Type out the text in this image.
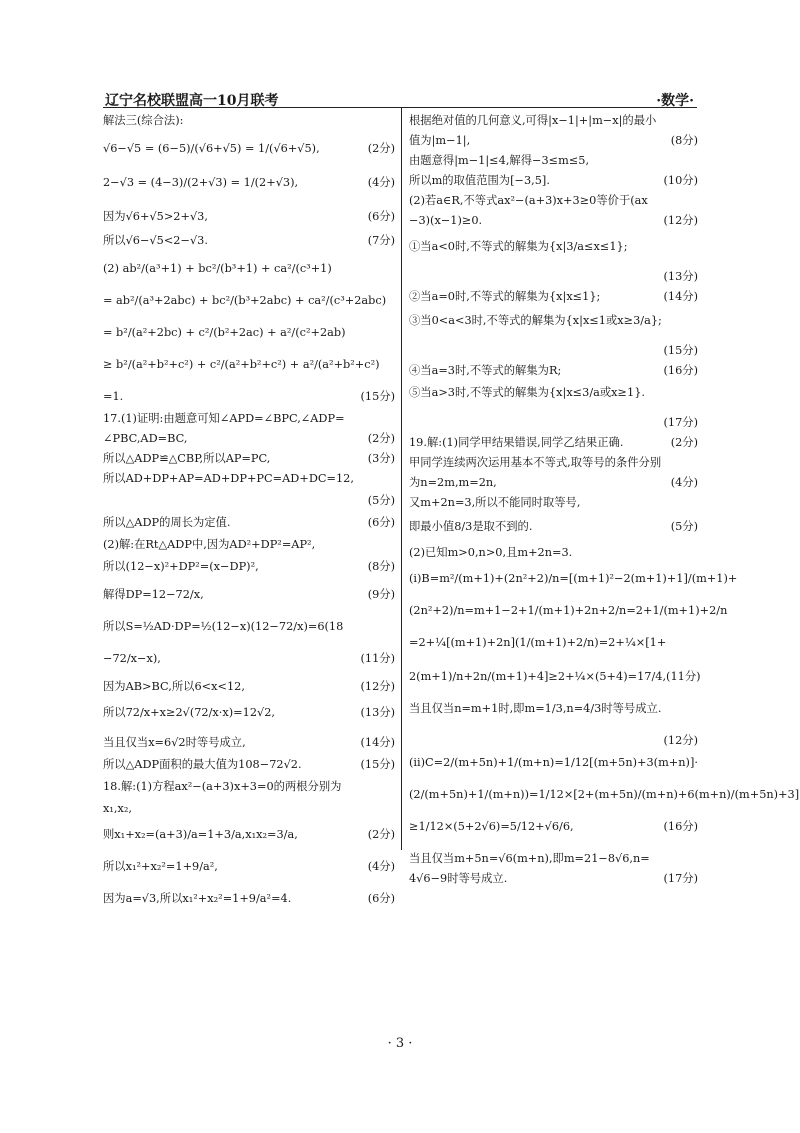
辽宁名校联盟高一10月联考	·数学·
解法三(综合法):
√6−√5 = (6−5)/(√6+√5) = 1/(√6+√5),	(2分)
2−√3 = (4−3)/(2+√3) = 1/(2+√3),	(4分)
因为√6+√5>2+√3,	(6分)
所以√6−√5<2−√3.	(7分)
(2) ab²/(a³+1) + bc²/(b³+1) + ca²/(c³+1)
= ab²/(a³+2abc) + bc²/(b³+2abc) + ca²/(c³+2abc)
= b²/(a²+2bc) + c²/(b²+2ac) + a²/(c²+2ab)
≥ b²/(a²+b²+c²) + c²/(a²+b²+c²) + a²/(a²+b²+c²)
=1.	(15分)
17.(1)证明:由题意可知∠APD=∠BPC,∠ADP=
∠PBC,AD=BC,	(2分)
所以△ADP≌△CBP,所以AP=PC,	(3分)
所以AD+DP+AP=AD+DP+PC=AD+DC=12,
(5分)
所以△ADP的周长为定值.	(6分)
(2)解:在Rt△ADP中,因为AD²+DP²=AP²,
所以(12−x)²+DP²=(x−DP)²,	(8分)
解得DP=12−72/x,	(9分)
所以S=½AD·DP=½(12−x)(12−72/x)=6(18
−72/x−x),	(11分)
因为AB>BC,所以6<x<12,	(12分)
所以72/x+x≥2√(72/x·x)=12√2,	(13分)
当且仅当x=6√2时等号成立,	(14分)
所以△ADP面积的最大值为108−72√2.	(15分)
18.解:(1)方程ax²−(a+3)x+3=0的两根分别为
x₁,x₂,
则x₁+x₂=(a+3)/a=1+3/a,x₁x₂=3/a,	(2分)
所以x₁²+x₂²=1+9/a²,	(4分)
因为a=√3,所以x₁²+x₂²=1+9/a²=4.	(6分)
根据绝对值的几何意义,可得|x−1|+|m−x|的最小
值为|m−1|,	(8分)
由题意得|m−1|≤4,解得−3≤m≤5,
所以m的取值范围为[−3,5].	(10分)
(2)若a∈R,不等式ax²−(a+3)x+3≥0等价于(ax
−3)(x−1)≥0.	(12分)
①当a<0时,不等式的解集为{x|3/a≤x≤1};
(13分)
②当a=0时,不等式的解集为{x|x≤1};	(14分)
③当0<a<3时,不等式的解集为{x|x≤1或x≥3/a};
(15分)
④当a=3时,不等式的解集为R;	(16分)
⑤当a>3时,不等式的解集为{x|x≤3/a或x≥1}.
(17分)
19.解:(1)同学甲结果错误,同学乙结果正确.	(2分)
甲同学连续两次运用基本不等式,取等号的条件分别
为n=2m,m=2n,	(4分)
又m+2n=3,所以不能同时取等号,
即最小值8/3是取不到的.	(5分)
(2)已知m>0,n>0,且m+2n=3.
(i)B=m²/(m+1)+(2n²+2)/n=[(m+1)²−2(m+1)+1]/(m+1)+
(2n²+2)/n=m+1−2+1/(m+1)+2n+2/n=2+1/(m+1)+2/n
=2+¼[(m+1)+2n](1/(m+1)+2/n)=2+¼×[1+
2(m+1)/n+2n/(m+1)+4]≥2+¼×(5+4)=17/4,(11分)
当且仅当n=m+1时,即m=1/3,n=4/3时等号成立.
(12分)
(ii)C=2/(m+5n)+1/(m+n)=1/12[(m+5n)+3(m+n)]·
(2/(m+5n)+1/(m+n))=1/12×[2+(m+5n)/(m+n)+6(m+n)/(m+5n)+3]
≥1/12×(5+2√6)=5/12+√6/6,	(16分)
当且仅当m+5n=√6(m+n),即m=21−8√6,n=
4√6−9时等号成立.	(17分)
· 3 ·
